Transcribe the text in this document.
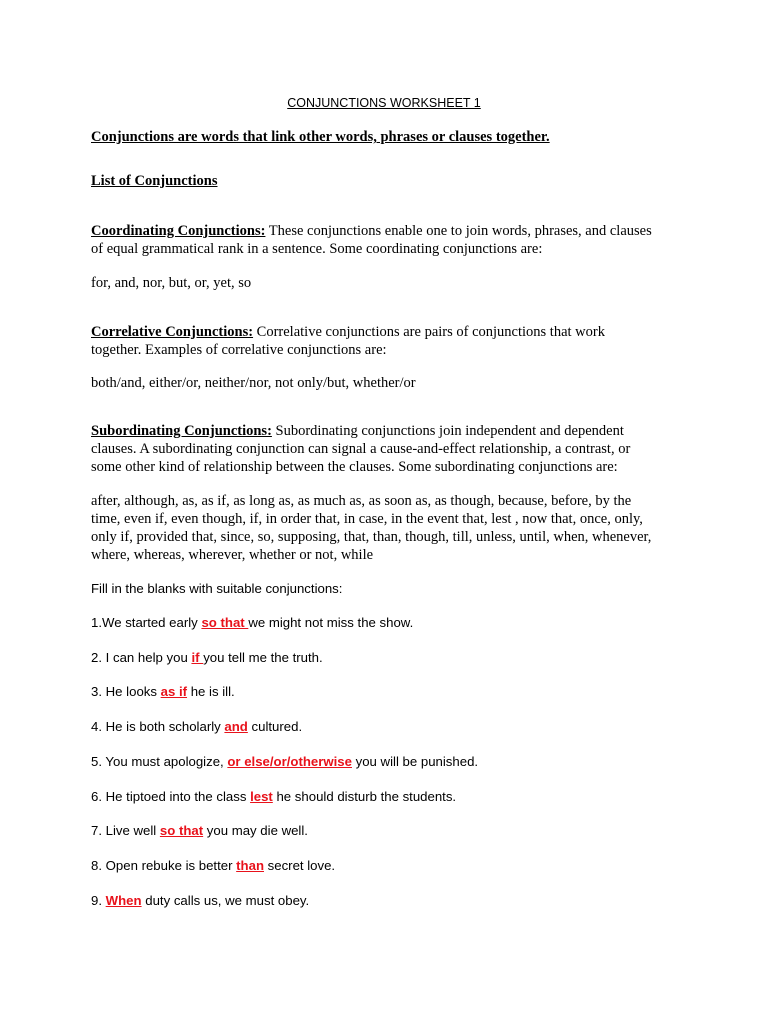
CONJUNCTIONS WORKSHEET 1
Conjunctions are words that link other words, phrases or clauses together.
List of Conjunctions
Coordinating Conjunctions: These conjunctions enable one to join words, phrases, and clauses
of equal grammatical rank in a sentence. Some coordinating conjunctions are:
for, and, nor, but, or, yet, so
Correlative Conjunctions: Correlative conjunctions are pairs of conjunctions that work
together. Examples of correlative conjunctions are:
both/and, either/or, neither/nor, not only/but, whether/or
Subordinating Conjunctions: Subordinating conjunctions join independent and dependent
clauses. A subordinating conjunction can signal a cause-and-effect relationship, a contrast, or
some other kind of relationship between the clauses. Some subordinating conjunctions are:
after, although, as, as if, as long as, as much as, as soon as, as though, because, before, by the
time, even if, even though, if, in order that, in case, in the event that, lest , now that, once, only,
only if, provided that, since, so, supposing, that, than, though, till, unless, until, when, whenever,
where, whereas, wherever, whether or not, while
Fill in the blanks with suitable conjunctions:
1.We started early so that we might not miss the show.
2. I can help you if you tell me the truth.
3. He looks as if he is ill.
4. He is both scholarly and cultured.
5. You must apologize, or else/or/otherwise you will be punished.
6. He tiptoed into the class lest he should disturb the students.
7. Live well so that you may die well.
8. Open rebuke is better than secret love.
9. When duty calls us, we must obey.
